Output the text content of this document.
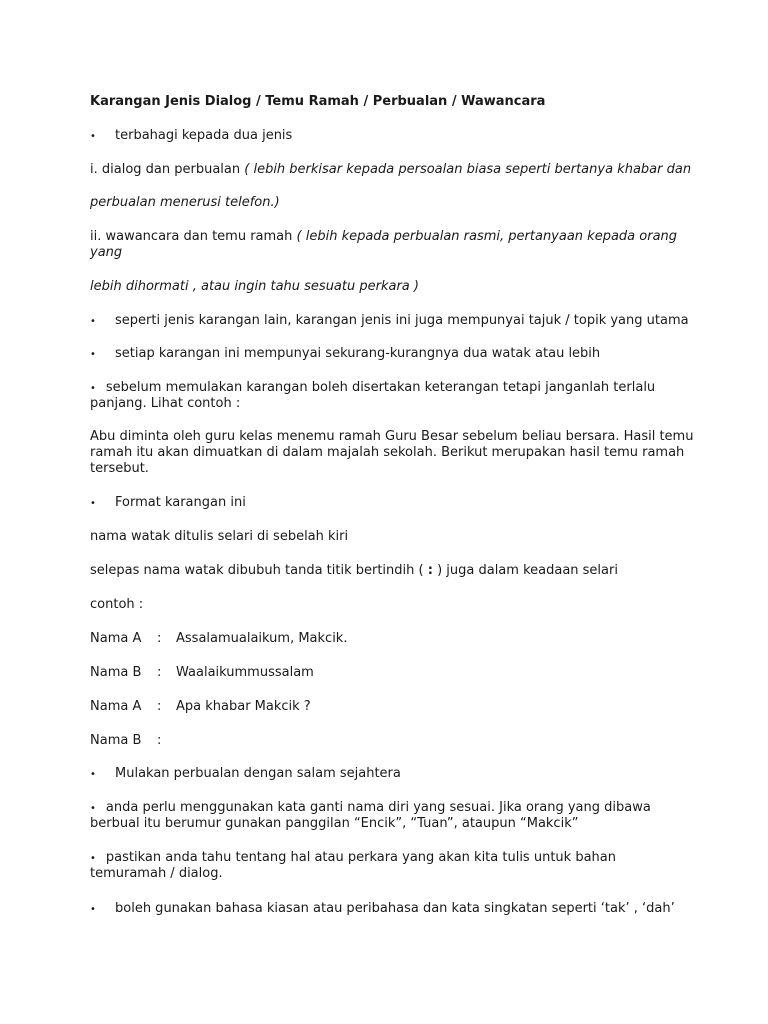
Karangan Jenis Dialog / Temu Ramah / Perbualan / Wawancara
• terbahagi kepada dua jenis
i. dialog dan perbualan ( lebih berkisar kepada persoalan biasa seperti bertanya khabar dan
perbualan menerusi telefon.)
ii. wawancara dan temu ramah ( lebih kepada perbualan rasmi, pertanyaan kepada orang
yang
lebih dihormati , atau ingin tahu sesuatu perkara )
• seperti jenis karangan lain, karangan jenis ini juga mempunyai tajuk / topik yang utama
• setiap karangan ini mempunyai sekurang-kurangnya dua watak atau lebih
• sebelum memulakan karangan boleh disertakan keterangan tetapi janganlah terlalu
panjang. Lihat contoh :
Abu diminta oleh guru kelas menemu ramah Guru Besar sebelum beliau bersara. Hasil temu
ramah itu akan dimuatkan di dalam majalah sekolah. Berikut merupakan hasil temu ramah
tersebut.
• Format karangan ini
nama watak ditulis selari di sebelah kiri
selepas nama watak dibubuh tanda titik bertindih ( : ) juga dalam keadaan selari
contoh :
Nama A : Assalamualaikum, Makcik.
Nama B : Waalaikummussalam
Nama A : Apa khabar Makcik ?
Nama B :
• Mulakan perbualan dengan salam sejahtera
• anda perlu menggunakan kata ganti nama diri yang sesuai. Jika orang yang dibawa
berbual itu berumur gunakan panggilan “Encik”, “Tuan”, ataupun “Makcik”
• pastikan anda tahu tentang hal atau perkara yang akan kita tulis untuk bahan
temuramah / dialog.
• boleh gunakan bahasa kiasan atau peribahasa dan kata singkatan seperti ‘tak’ , ‘dah’
